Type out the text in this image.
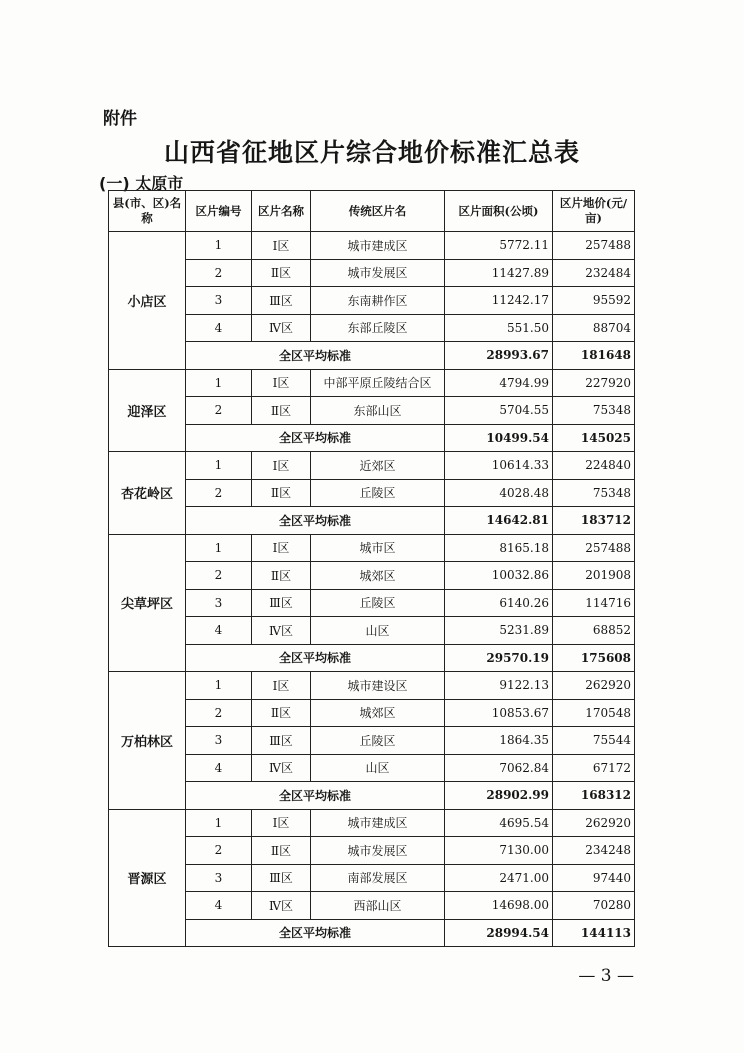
附件
山西省征地区片综合地价标准汇总表
(一) 太原市
县(市、区)名称	区片编号	区片名称	传统区片名	区片面积(公顷)	区片地价(元/亩)
小店区	1	Ⅰ区	城市建成区	5772.11	257488
	2	Ⅱ区	城市发展区	11427.89	232484
	3	Ⅲ区	东南耕作区	11242.17	95592
	4	Ⅳ区	东部丘陵区	551.50	88704
	全区平均标准			28993.67	181648
迎泽区	1	Ⅰ区	中部平原丘陵结合区	4794.99	227920
	2	Ⅱ区	东部山区	5704.55	75348
	全区平均标准			10499.54	145025
杏花岭区	1	Ⅰ区	近郊区	10614.33	224840
	2	Ⅱ区	丘陵区	4028.48	75348
	全区平均标准			14642.81	183712
尖草坪区	1	Ⅰ区	城市区	8165.18	257488
	2	Ⅱ区	城郊区	10032.86	201908
	3	Ⅲ区	丘陵区	6140.26	114716
	4	Ⅳ区	山区	5231.89	68852
	全区平均标准			29570.19	175608
万柏林区	1	Ⅰ区	城市建设区	9122.13	262920
	2	Ⅱ区	城郊区	10853.67	170548
	3	Ⅲ区	丘陵区	1864.35	75544
	4	Ⅳ区	山区	7062.84	67172
	全区平均标准			28902.99	168312
晋源区	1	Ⅰ区	城市建成区	4695.54	262920
	2	Ⅱ区	城市发展区	7130.00	234248
	3	Ⅲ区	南部发展区	2471.00	97440
	4	Ⅳ区	西部山区	14698.00	70280
	全区平均标准			28994.54	144113
— 3 —
